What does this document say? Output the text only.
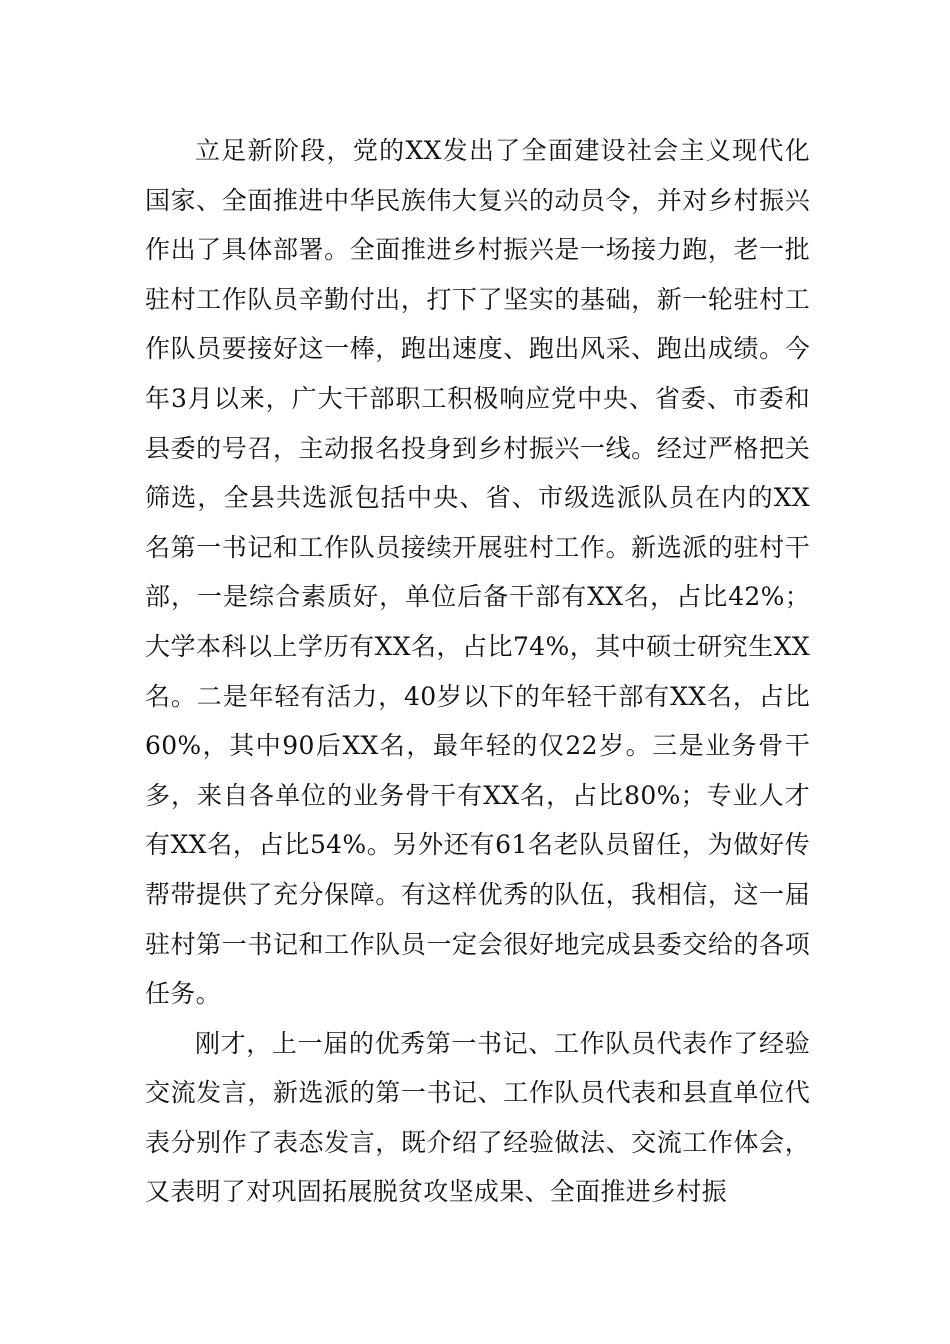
立足新阶段，党的XX发出了全面建设社会主义现代化国家、全面推进中华民族伟大复兴的动员令，并对乡村振兴作出了具体部署。全面推进乡村振兴是一场接力跑，老一批驻村工作队员辛勤付出，打下了坚实的基础，新一轮驻村工作队员要接好这一棒，跑出速度、跑出风采、跑出成绩。今年3月以来，广大干部职工积极响应党中央、省委、市委和县委的号召，主动报名投身到乡村振兴一线。经过严格把关筛选，全县共选派包括中央、省、市级选派队员在内的XX名第一书记和工作队员接续开展驻村工作。新选派的驻村干部，一是综合素质好，单位后备干部有XX名，占比42%；大学本科以上学历有XX名，占比74%，其中硕士研究生XX名。二是年轻有活力，40岁以下的年轻干部有XX名，占比60%，其中90后XX名，最年轻的仅22岁。三是业务骨干多，来自各单位的业务骨干有XX名，占比80%；专业人才有XX名，占比54%。另外还有61名老队员留任，为做好传帮带提供了充分保障。有这样优秀的队伍，我相信，这一届驻村第一书记和工作队员一定会很好地完成县委交给的各项任务。

刚才，上一届的优秀第一书记、工作队员代表作了经验交流发言，新选派的第一书记、工作队员代表和县直单位代表分别作了表态发言，既介绍了经验做法、交流工作体会，又表明了对巩固拓展脱贫攻坚成果、全面推进乡村振
